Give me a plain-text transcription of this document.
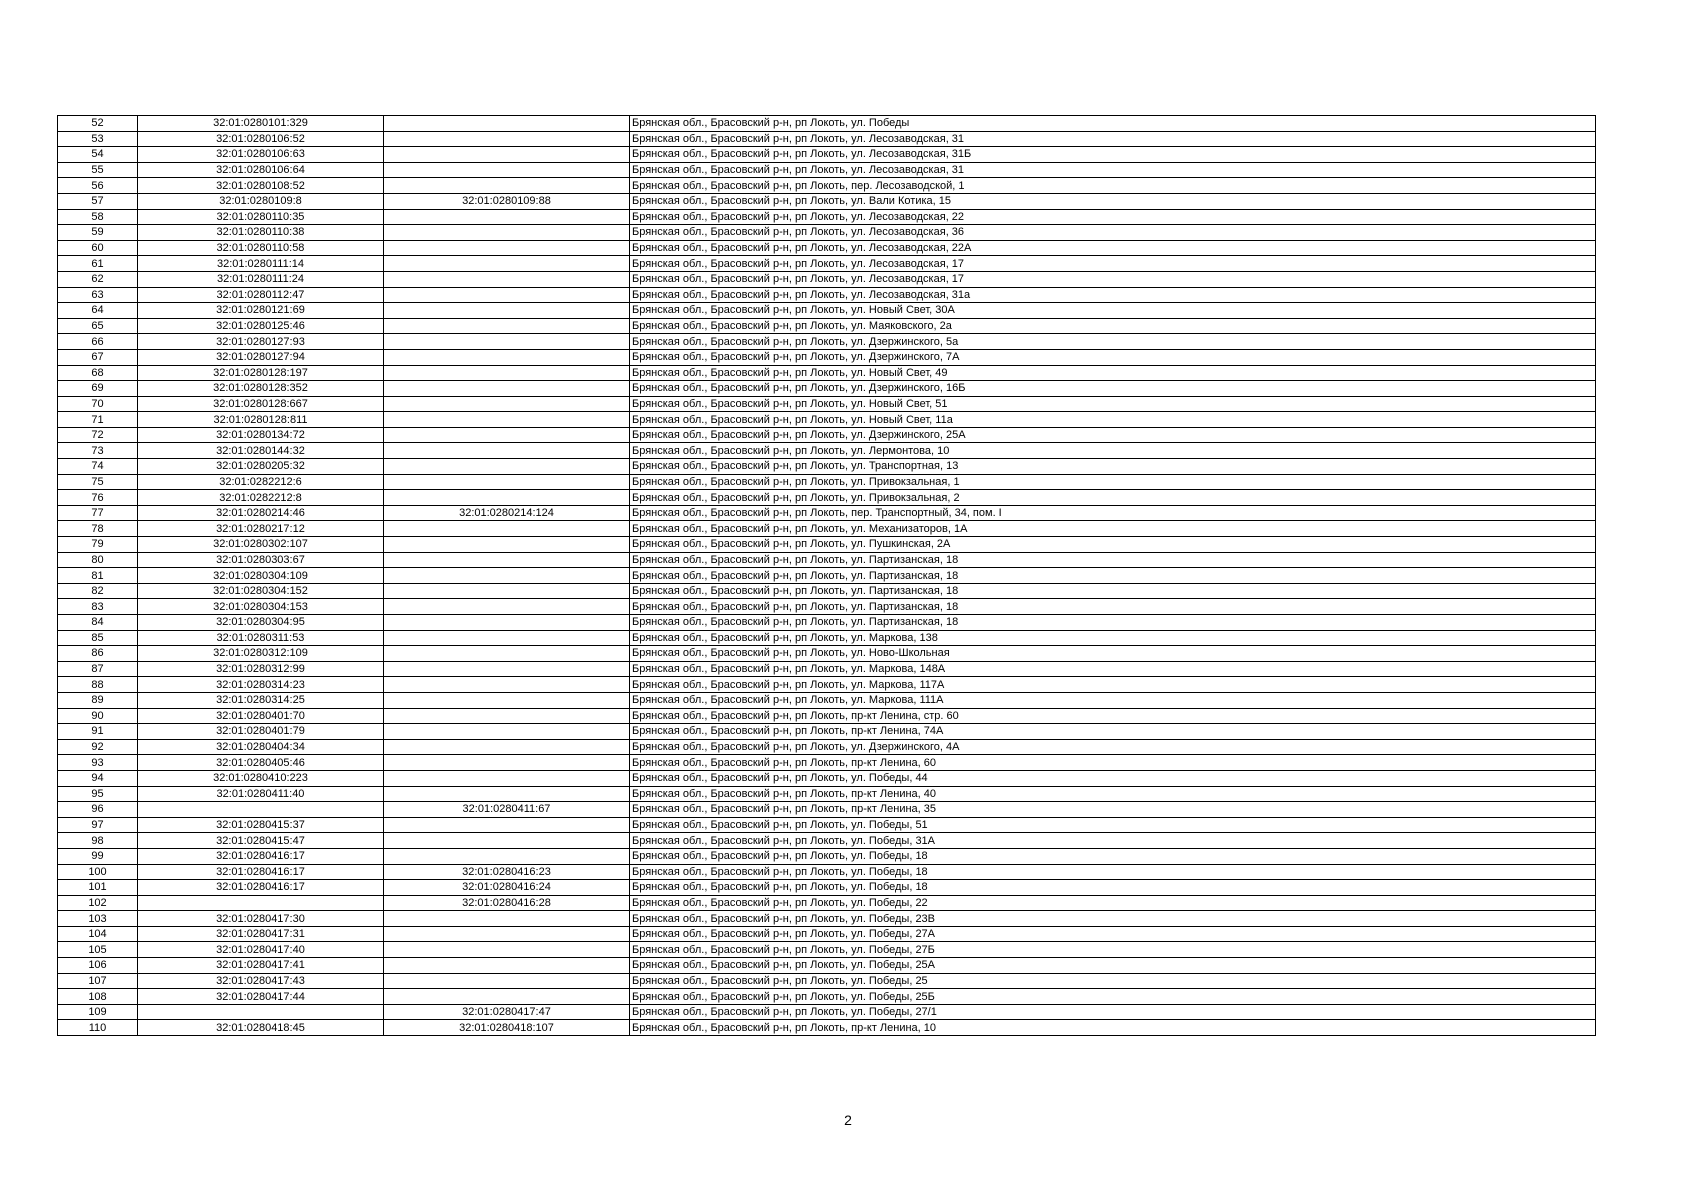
52	32:01:0280101:329		Брянская обл., Брасовский р-н, рп Локоть, ул. Победы
53	32:01:0280106:52		Брянская обл., Брасовский р-н, рп Локоть, ул. Лесозаводская, 31
54	32:01:0280106:63		Брянская обл., Брасовский р-н, рп Локоть, ул. Лесозаводская, 31Б
55	32:01:0280106:64		Брянская обл., Брасовский р-н, рп Локоть, ул. Лесозаводская, 31
56	32:01:0280108:52		Брянская обл., Брасовский р-н, рп Локоть, пер. Лесозаводской, 1
57	32:01:0280109:8	32:01:0280109:88	Брянская обл., Брасовский р-н, рп Локоть, ул. Вали Котика, 15
58	32:01:0280110:35		Брянская обл., Брасовский р-н, рп Локоть, ул. Лесозаводская, 22
59	32:01:0280110:38		Брянская обл., Брасовский р-н, рп Локоть, ул. Лесозаводская, 36
60	32:01:0280110:58		Брянская обл., Брасовский р-н, рп Локоть, ул. Лесозаводская, 22А
61	32:01:0280111:14		Брянская обл., Брасовский р-н, рп Локоть, ул. Лесозаводская, 17
62	32:01:0280111:24		Брянская обл., Брасовский р-н, рп Локоть, ул. Лесозаводская, 17
63	32:01:0280112:47		Брянская обл., Брасовский р-н, рп Локоть, ул. Лесозаводская, 31а
64	32:01:0280121:69		Брянская обл., Брасовский р-н, рп Локоть, ул. Новый Свет, 30А
65	32:01:0280125:46		Брянская обл., Брасовский р-н, рп Локоть, ул. Маяковского, 2а
66	32:01:0280127:93		Брянская обл., Брасовский р-н, рп Локоть, ул. Дзержинского, 5а
67	32:01:0280127:94		Брянская обл., Брасовский р-н, рп Локоть, ул. Дзержинского, 7А
68	32:01:0280128:197		Брянская обл., Брасовский р-н, рп Локоть, ул. Новый Свет, 49
69	32:01:0280128:352		Брянская обл., Брасовский р-н, рп Локоть, ул. Дзержинского, 16Б
70	32:01:0280128:667		Брянская обл., Брасовский р-н, рп Локоть, ул. Новый Свет, 51
71	32:01:0280128:811		Брянская обл., Брасовский р-н, рп Локоть, ул. Новый Свет, 11а
72	32:01:0280134:72		Брянская обл., Брасовский р-н, рп Локоть, ул. Дзержинского, 25А
73	32:01:0280144:32		Брянская обл., Брасовский р-н, рп Локоть, ул. Лермонтова, 10
74	32:01:0280205:32		Брянская обл., Брасовский р-н, рп Локоть, ул. Транспортная, 13
75	32:01:0282212:6		Брянская обл., Брасовский р-н, рп Локоть, ул. Привокзальная, 1
76	32:01:0282212:8		Брянская обл., Брасовский р-н, рп Локоть, ул. Привокзальная, 2
77	32:01:0280214:46	32:01:0280214:124	Брянская обл., Брасовский р-н, рп Локоть, пер. Транспортный, 34, пом. I
78	32:01:0280217:12		Брянская обл., Брасовский р-н, рп Локоть, ул. Механизаторов, 1А
79	32:01:0280302:107		Брянская обл., Брасовский р-н, рп Локоть, ул. Пушкинская, 2А
80	32:01:0280303:67		Брянская обл., Брасовский р-н, рп Локоть, ул. Партизанская, 18
81	32:01:0280304:109		Брянская обл., Брасовский р-н, рп Локоть, ул. Партизанская, 18
82	32:01:0280304:152		Брянская обл., Брасовский р-н, рп Локоть, ул. Партизанская, 18
83	32:01:0280304:153		Брянская обл., Брасовский р-н, рп Локоть, ул. Партизанская, 18
84	32:01:0280304:95		Брянская обл., Брасовский р-н, рп Локоть, ул. Партизанская, 18
85	32:01:0280311:53		Брянская обл., Брасовский р-н, рп Локоть, ул. Маркова, 138
86	32:01:0280312:109		Брянская обл., Брасовский р-н, рп Локоть, ул. Ново-Школьная
87	32:01:0280312:99		Брянская обл., Брасовский р-н, рп Локоть, ул. Маркова, 148А
88	32:01:0280314:23		Брянская обл., Брасовский р-н, рп Локоть, ул. Маркова, 117А
89	32:01:0280314:25		Брянская обл., Брасовский р-н, рп Локоть, ул. Маркова, 111А
90	32:01:0280401:70		Брянская обл., Брасовский р-н, рп Локоть, пр-кт Ленина, стр. 60
91	32:01:0280401:79		Брянская обл., Брасовский р-н, рп Локоть, пр-кт Ленина, 74А
92	32:01:0280404:34		Брянская обл., Брасовский р-н, рп Локоть, ул. Дзержинского, 4А
93	32:01:0280405:46		Брянская обл., Брасовский р-н, рп Локоть, пр-кт Ленина, 60
94	32:01:0280410:223		Брянская обл., Брасовский р-н, рп Локоть, ул. Победы, 44
95	32:01:0280411:40		Брянская обл., Брасовский р-н, рп Локоть, пр-кт Ленина, 40
96		32:01:0280411:67	Брянская обл., Брасовский р-н, рп Локоть, пр-кт Ленина, 35
97	32:01:0280415:37		Брянская обл., Брасовский р-н, рп Локоть, ул. Победы, 51
98	32:01:0280415:47		Брянская обл., Брасовский р-н, рп Локоть, ул. Победы, 31А
99	32:01:0280416:17		Брянская обл., Брасовский р-н, рп Локоть, ул. Победы, 18
100	32:01:0280416:17	32:01:0280416:23	Брянская обл., Брасовский р-н, рп Локоть, ул. Победы, 18
101	32:01:0280416:17	32:01:0280416:24	Брянская обл., Брасовский р-н, рп Локоть, ул. Победы, 18
102		32:01:0280416:28	Брянская обл., Брасовский р-н, рп Локоть, ул. Победы, 22
103	32:01:0280417:30		Брянская обл., Брасовский р-н, рп Локоть, ул. Победы, 23В
104	32:01:0280417:31		Брянская обл., Брасовский р-н, рп Локоть, ул. Победы, 27А
105	32:01:0280417:40		Брянская обл., Брасовский р-н, рп Локоть, ул. Победы, 27Б
106	32:01:0280417:41		Брянская обл., Брасовский р-н, рп Локоть, ул. Победы, 25А
107	32:01:0280417:43		Брянская обл., Брасовский р-н, рп Локоть, ул. Победы, 25
108	32:01:0280417:44		Брянская обл., Брасовский р-н, рп Локоть, ул. Победы, 25Б
109		32:01:0280417:47	Брянская обл., Брасовский р-н, рп Локоть, ул. Победы, 27/1
110	32:01:0280418:45	32:01:0280418:107	Брянская обл., Брасовский р-н, рп Локоть, пр-кт Ленина, 10
2
